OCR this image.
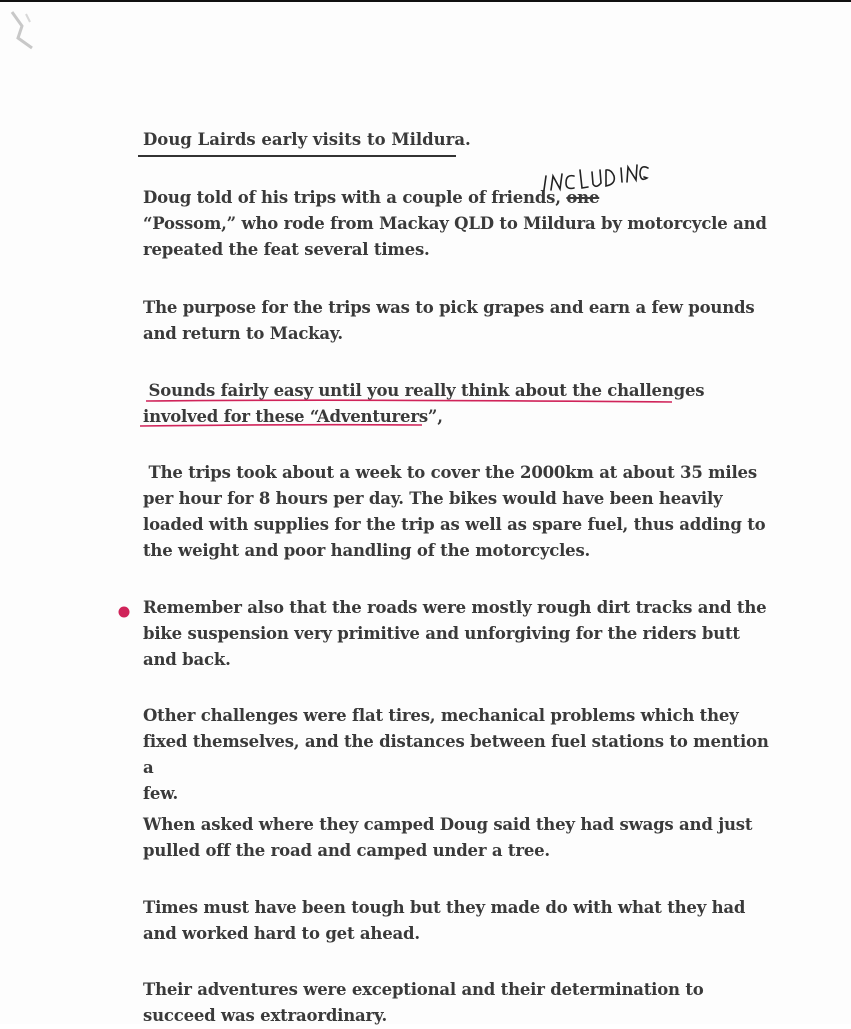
Doug Lairds early visits to Mildura.
Doug told of his trips with a couple of friends, one
“Possom,” who rode from Mackay QLD to Mildura by motorcycle and
repeated the feat several times.
The purpose for the trips was to pick grapes and earn a few pounds
and return to Mackay.
Sounds fairly easy until you really think about the challenges
involved for these “Adventurers”,
The trips took about a week to cover the 2000km at about 35 miles
per hour for 8 hours per day. The bikes would have been heavily
loaded with supplies for the trip as well as spare fuel, thus adding to
the weight and poor handling of the motorcycles.
Remember also that the roads were mostly rough dirt tracks and the
bike suspension very primitive and unforgiving for the riders butt
and back.
Other challenges were flat tires, mechanical problems which they
fixed themselves, and the distances between fuel stations to mention a
few.
When asked where they camped Doug said they had swags and just
pulled off the road and camped under a tree.
Times must have been tough but they made do with what they had
and worked hard to get ahead.
Their adventures were exceptional and their determination to
succeed was extraordinary.
